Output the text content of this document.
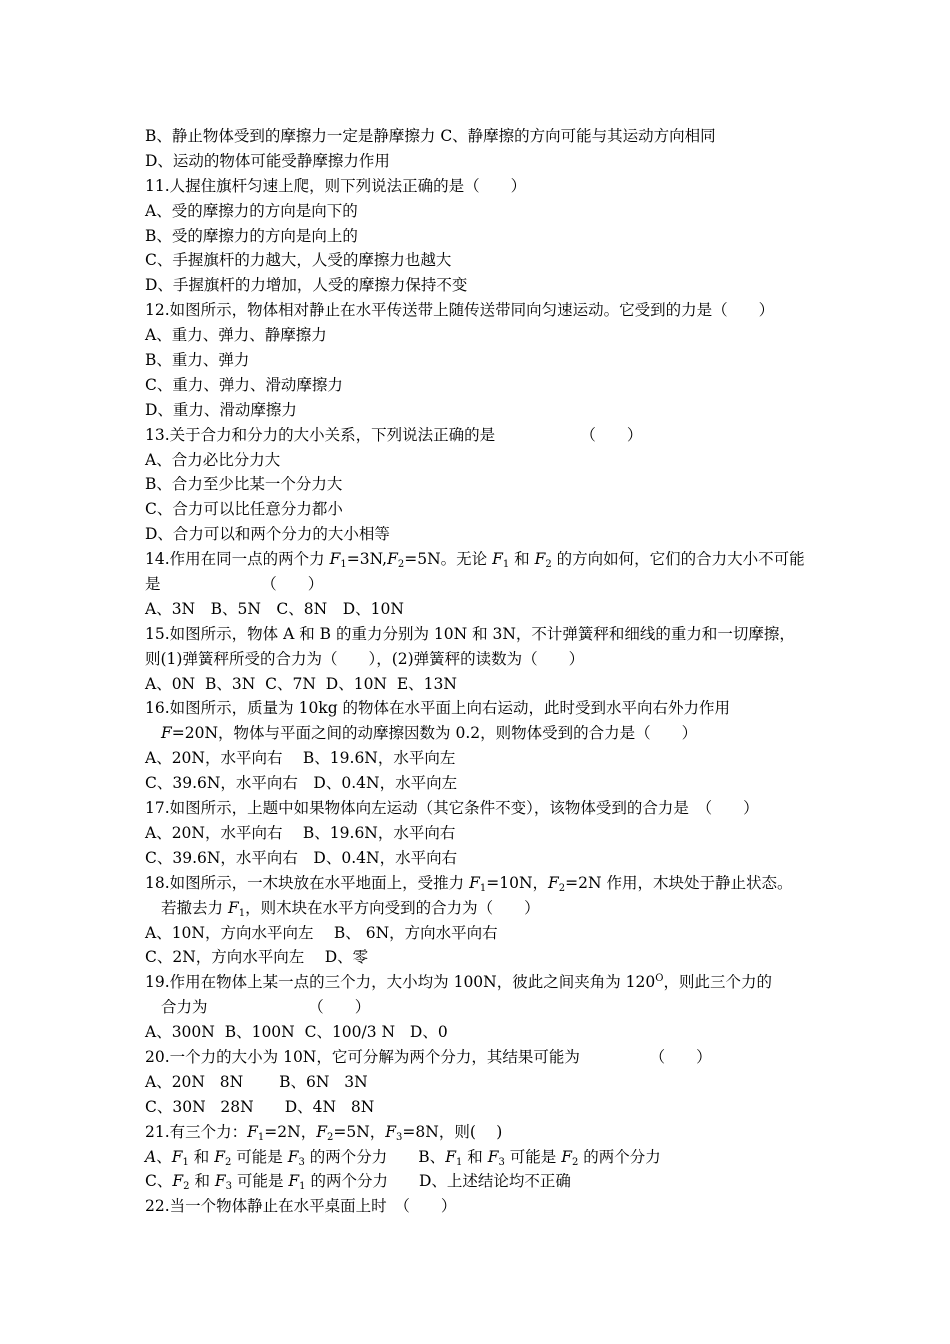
B、静止物体受到的摩擦力一定是静摩擦力 C、静摩擦的方向可能与其运动方向相同
D、运动的物体可能受静摩擦力作用
11.人握住旗杆匀速上爬，则下列说法正确的是（　　）
A、受的摩擦力的方向是向下的
B、受的摩擦力的方向是向上的
C、手握旗杆的力越大，人受的摩擦力也越大
D、手握旗杆的力增加，人受的摩擦力保持不变
12.如图所示，物体相对静止在水平传送带上随传送带同向匀速运动。它受到的力是（　　）
A、重力、弹力、静摩擦力
B、重力、弹力
C、重力、弹力、滑动摩擦力
D、重力、滑动摩擦力
13.关于合力和分力的大小关系，下列说法正确的是　　　　　　（　　）
A、合力必比分力大
B、合力至少比某一个分力大
C、合力可以比任意分力都小
D、合力可以和两个分力的大小相等
14.作用在同一点的两个力 $F_1=3N,F_2=5N$。无论 $F_1$ 和 $F_2$ 的方向如何，它们的合力大小不可能
是　　　　　　　（　　）
A、3N　B、5N　C、8N　D、10N
15.如图所示，物体 A 和 B 的重力分别为 10N 和 3N，不计弹簧秤和细线的重力和一切摩擦，
则(1)弹簧秤所受的合力为（　　），(2)弹簧秤的读数为（　　）
A、0N  B、3N  C、7N  D、10N  E、13N
16.如图所示，质量为 10kg 的物体在水平面上向右运动，此时受到水平向右外力作用
F=20N，物体与平面之间的动摩擦因数为 0.2，则物体受到的合力是（　　）
A、20N，水平向右　 B、19.6N，水平向左
C、39.6N，水平向右　D、0.4N，水平向左
17.如图所示，上题中如果物体向左运动（其它条件不变），该物体受到的合力是　（　　）
A、20N，水平向右　 B、19.6N，水平向右
C、39.6N，水平向右　D、0.4N，水平向右
18.如图所示，一木块放在水平地面上，受推力 $F_1=10N$，$F_2=2N$ 作用，木块处于静止状态。
若撤去力 $F_1$，则木块在水平方向受到的合力为（　　）
A、10N，方向水平向左　 B、 6N，方向水平向右
C、2N，方向水平向左　 D、零
19.作用在物体上某一点的三个力，大小均为 100N，彼此之间夹角为 $120^O$，则此三个力的
合力为　　　　　　　（　　）
A、300N  B、100N  C、100/3 N   D、0
20.一个力的大小为 10N，它可分解为两个分力，其结果可能为　　　　　（　　）
A、20N   8N　　 B、6N   3N
C、30N   28N　　D、4N   8N
21.有三个力：$F_1=2N$，$F_2=5N$，$F_3=8N$，则(　 )
A、$F_1$ 和 $F_2$ 可能是 $F_3$ 的两个分力　　B、$F_1$ 和 $F_3$ 可能是 $F_2$ 的两个分力
C、$F_2$ 和 $F_3$ 可能是 $F_1$ 的两个分力　　D、上述结论均不正确
22.当一个物体静止在水平桌面上时　（　　）
